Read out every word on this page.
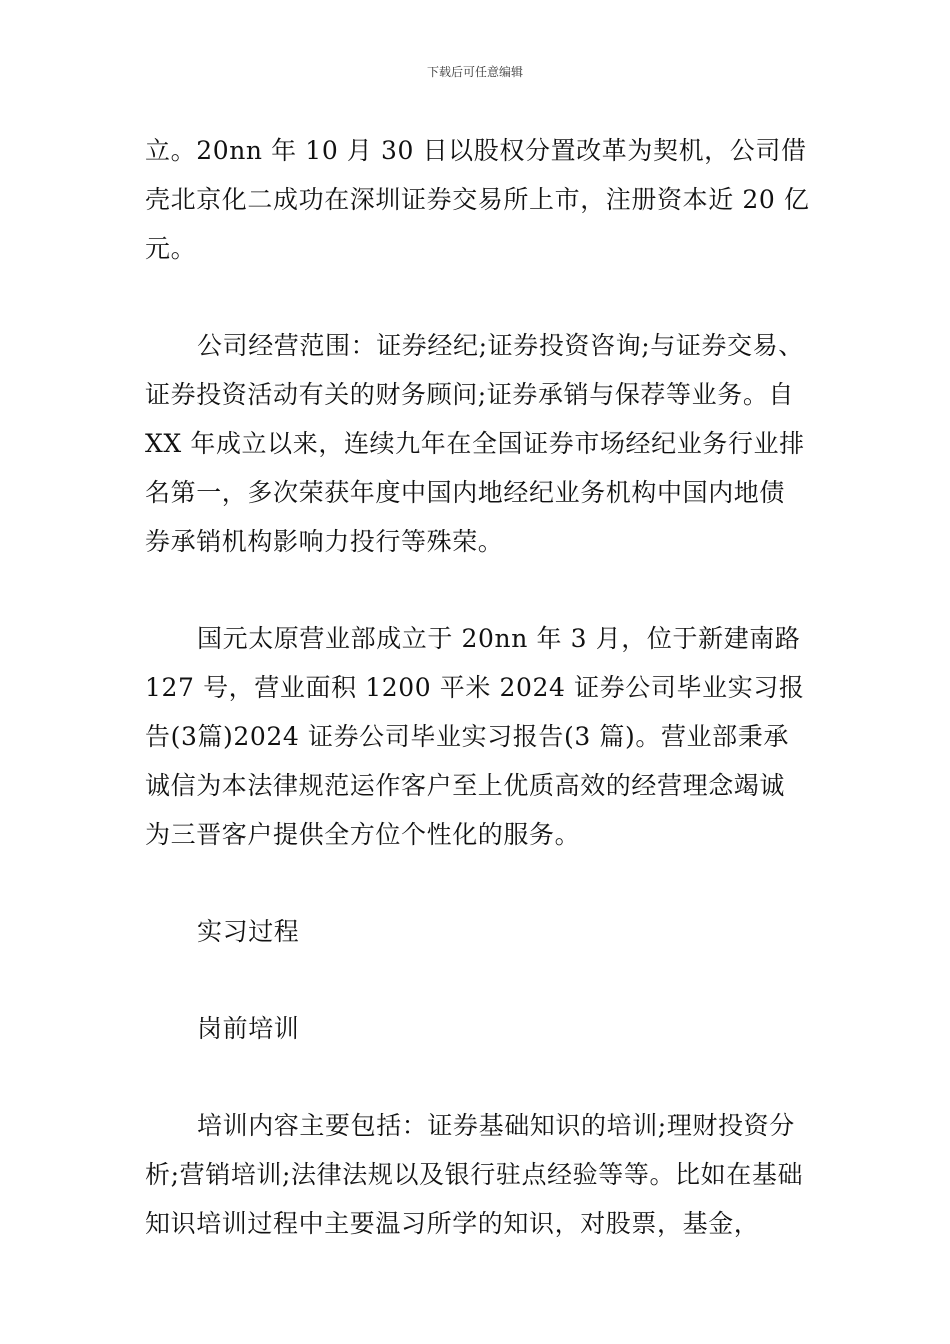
下载后可任意编辑

立。20nn 年 10 月 30 日以股权分置改革为契机，公司借壳北京化二成功在深圳证券交易所上市，注册资本近 20 亿元。

公司经营范围：证券经纪;证券投资咨询;与证券交易、证券投资活动有关的财务顾问;证券承销与保荐等业务。自XX 年成立以来，连续九年在全国证券市场经纪业务行业排名第一，多次荣获年度中国内地经纪业务机构中国内地债券承销机构影响力投行等殊荣。

国元太原营业部成立于 20nn 年 3 月，位于新建南路127 号，营业面积 1200 平米 2024 证券公司毕业实习报告(3篇)2024 证券公司毕业实习报告(3 篇)。营业部秉承诚信为本法律规范运作客户至上优质高效的经营理念竭诚为三晋客户提供全方位个性化的服务。

实习过程

岗前培训

培训内容主要包括：证券基础知识的培训;理财投资分析;营销培训;法律法规以及银行驻点经验等等。比如在基础知识培训过程中主要温习所学的知识，对股票，基金，
